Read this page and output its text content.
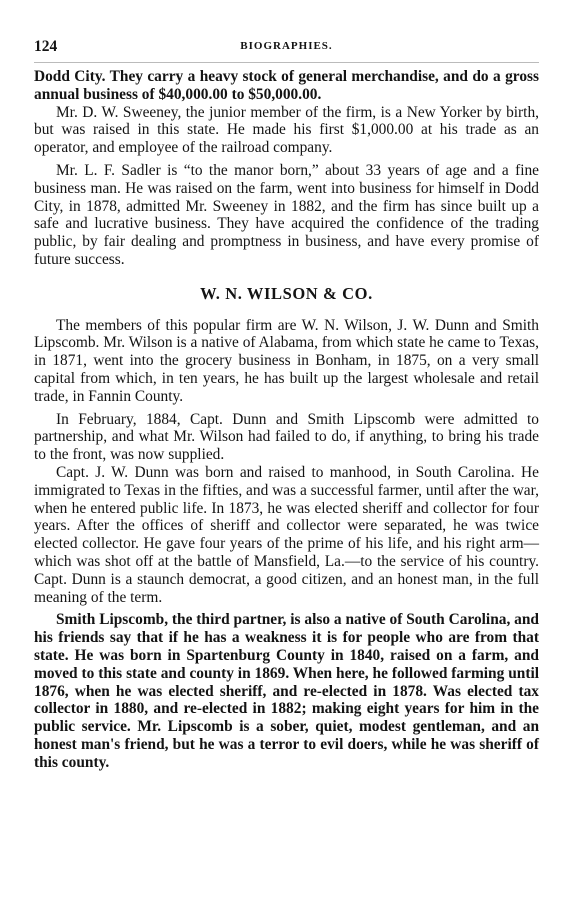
124	BIOGRAPHIES.

Dodd City. They carry a heavy stock of general merchandise, and do a gross annual business of $40,000.00 to $50,000.00.

Mr. D. W. Sweeney, the junior member of the firm, is a New Yorker by birth, but was raised in this state. He made his first $1,000.00 at his trade as an operator, and employee of the railroad company.

Mr. L. F. Sadler is “to the manor born,” about 33 years of age and a fine business man. He was raised on the farm, went into business for himself in Dodd City, in 1878, admitted Mr. Sweeney in 1882, and the firm has since built up a safe and lucrative business. They have acquired the confidence of the trading public, by fair dealing and promptness in business, and have every promise of future success.

W. N. WILSON & CO.

The members of this popular firm are W. N. Wilson, J. W. Dunn and Smith Lipscomb. Mr. Wilson is a native of Alabama, from which state he came to Texas, in 1871, went into the grocery business in Bonham, in 1875, on a very small capital from which, in ten years, he has built up the largest wholesale and retail trade, in Fannin County.

In February, 1884, Capt. Dunn and Smith Lipscomb were admitted to partnership, and what Mr. Wilson had failed to do, if anything, to bring his trade to the front, was now supplied.

Capt. J. W. Dunn was born and raised to manhood, in South Carolina. He immigrated to Texas in the fifties, and was a successful farmer, until after the war, when he entered public life. In 1873, he was elected sheriff and collector for four years. After the offices of sheriff and collector were separated, he was twice elected collector. He gave four years of the prime of his life, and his right arm—which was shot off at the battle of Mansfield, La.—to the service of his country. Capt. Dunn is a staunch democrat, a good citizen, and an honest man, in the full meaning of the term.

Smith Lipscomb, the third partner, is also a native of South Carolina, and his friends say that if he has a weakness it is for people who are from that state. He was born in Spartenburg County in 1840, raised on a farm, and moved to this state and county in 1869. When here, he followed farming until 1876, when he was elected sheriff, and re-elected in 1878. Was elected tax collector in 1880, and re-elected in 1882; making eight years for him in the public service. Mr. Lipscomb is a sober, quiet, modest gentleman, and an honest man's friend, but he was a terror to evil doers, while he was sheriff of this county.
